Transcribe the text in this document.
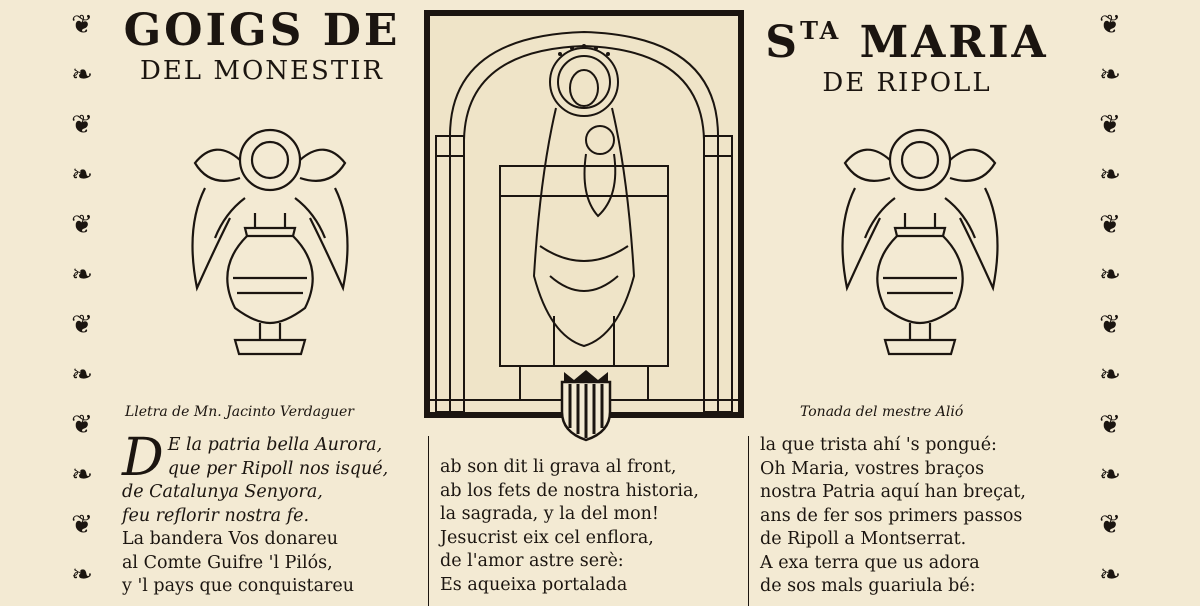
❦
❧
❦
❧
❦
❧
❦
❧
❦
❧
❦
❧
❦
❧
❦
❧
❦
❧
❦
❧
❦
❧
❦
❧
GOIGS DE
DEL MONESTIR
$S^{TA}$ MARIA
DE RIPOLL
Lletra de Mn. Jacinto Verdaguer	Tonada del mestre Alió
D E la patria bella Aurora,
que per Ripoll nos isqué,
de Catalunya Senyora,
feu reflorir nostra fe.
La bandera Vos donareu
al Comte Guifre 'l Pilós,
y 'l pays que conquistareu
ab son dit li grava al front,
ab los fets de nostra historia,
la sagrada, y la del mon!
Jesucrist eix cel enflora,
de l'amor astre serè:
Es aqueixa portalada
la que trista ahí 's pongué:
Oh Maria, vostres braços
nostra Patria aquí han breçat,
ans de fer sos primers passos
de Ripoll a Montserrat.
A exa terra que us adora
de sos mals guariula bé:
